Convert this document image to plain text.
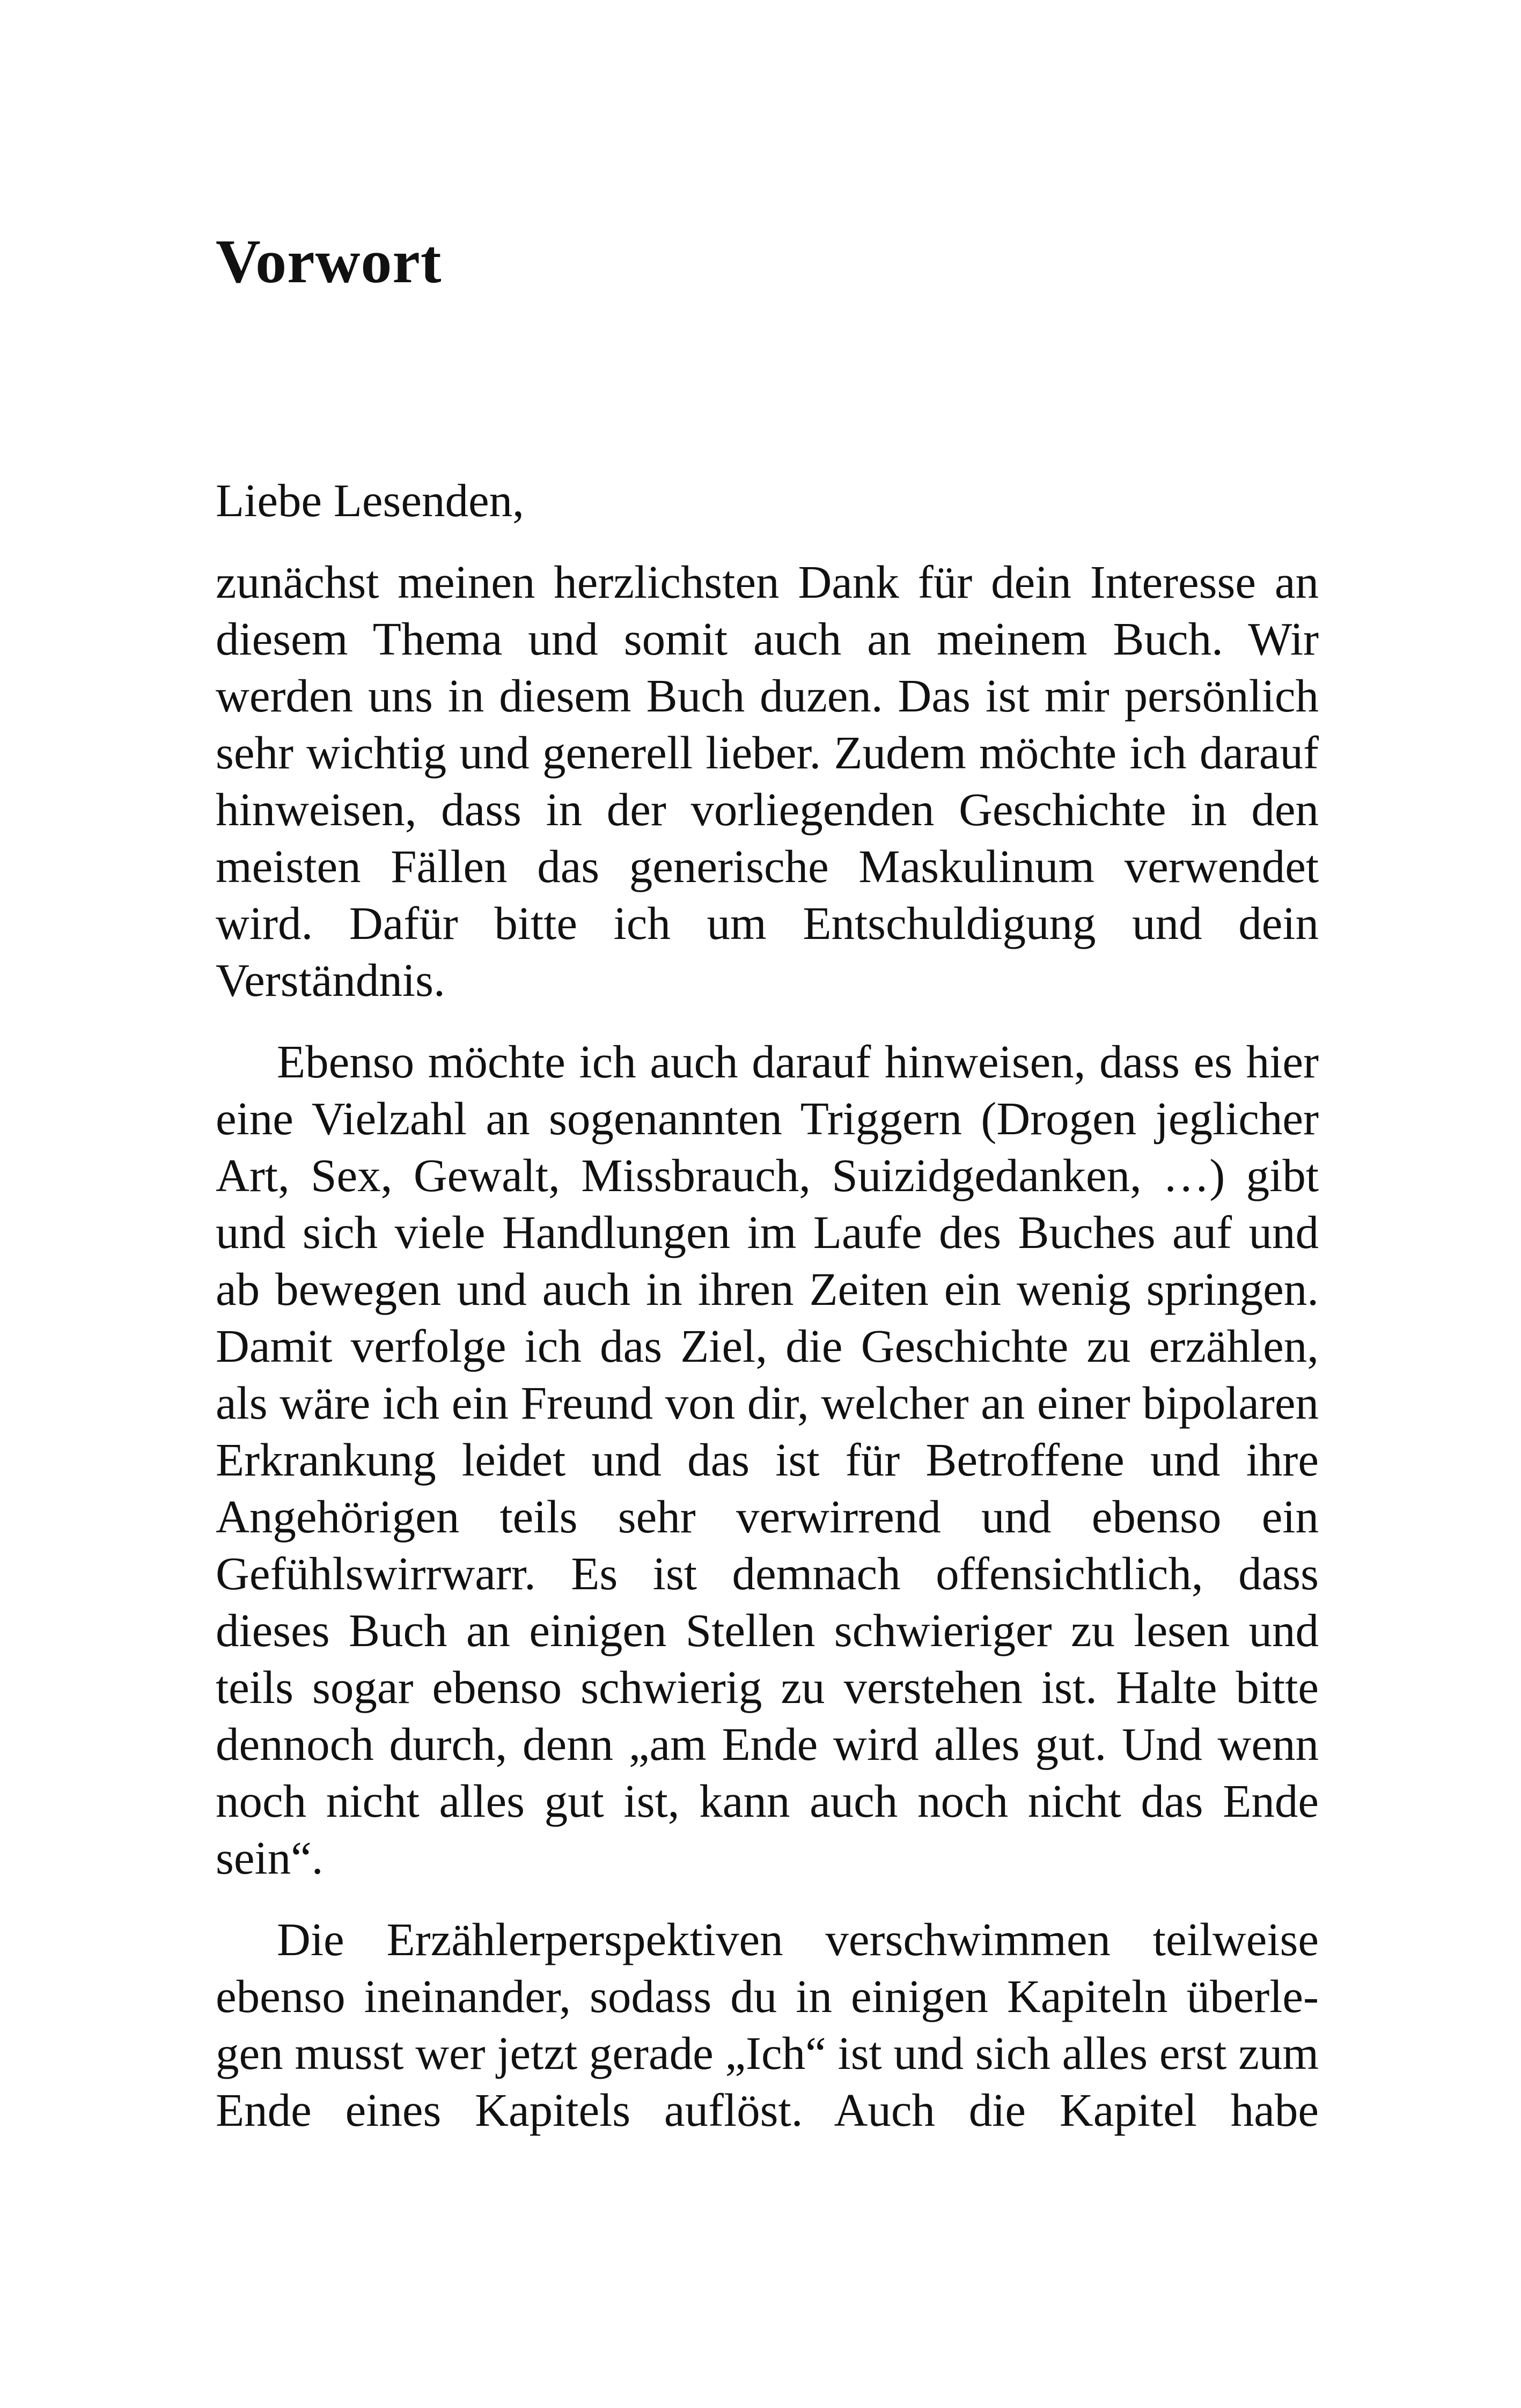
Vorwort

Liebe Lesenden,

zunächst meinen herzlichsten Dank für dein Interesse an diesem Thema und somit auch an meinem Buch. Wir werden uns in diesem Buch duzen. Das ist mir persönlich sehr wichtig und generell lieber. Zudem möchte ich darauf hinweisen, dass in der vorliegenden Geschichte in den meisten Fällen das generische Maskulinum verwendet wird. Dafür bitte ich um Entschuldigung und dein Verständnis.

Ebenso möchte ich auch darauf hinweisen, dass es hier eine Vielzahl an sogenannten Triggern (Drogen jeglicher Art, Sex, Gewalt, Missbrauch, Suizidgedanken, …) gibt und sich viele Handlungen im Laufe des Buches auf und ab bewegen und auch in ihren Zeiten ein wenig springen. Damit verfolge ich das Ziel, die Geschichte zu erzählen, als wäre ich ein Freund von dir, welcher an einer bipolaren Erkrankung leidet und das ist für Betroffene und ihre Angehörigen teils sehr verwirrend und ebenso ein Gefühlswirrwarr. Es ist demnach offensichtlich, dass dieses Buch an einigen Stellen schwieriger zu lesen und teils sogar ebenso schwierig zu verstehen ist. Halte bitte dennoch durch, denn „am Ende wird alles gut. Und wenn noch nicht alles gut ist, kann auch noch nicht das Ende sein“.

Die Erzählerperspektiven verschwimmen teilweise ebenso ineinander, sodass du in einigen Kapiteln überlegen musst wer jetzt gerade „Ich“ ist und sich alles erst zum Ende eines Kapitels auflöst. Auch die Kapitel habe
